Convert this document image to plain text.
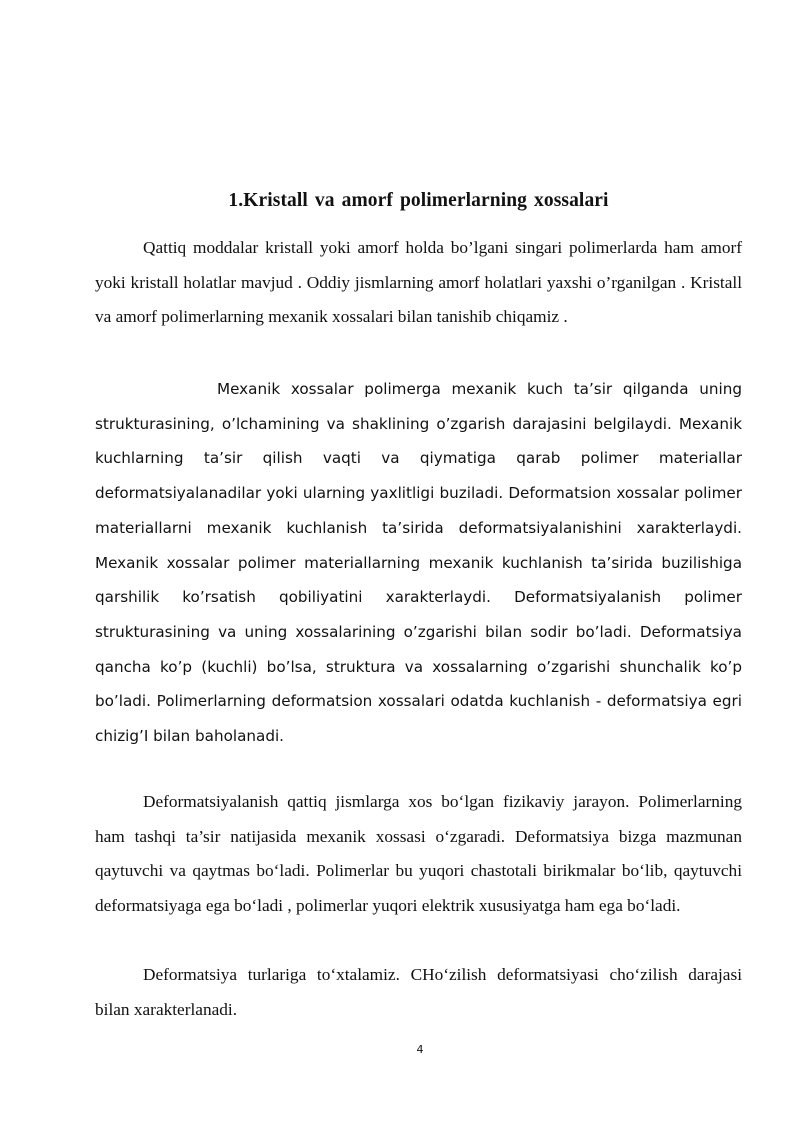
1.Kristall va amorf polimerlarning xossalari

Qattiq moddalar kristall yoki amorf holda bo’lgani singari polimerlarda ham amorf yoki kristall holatlar mavjud . Oddiy jismlarning amorf holatlari yaxshi o’rganilgan . Kristall va amorf polimerlarning mexanik xossalari bilan tanishib chiqamiz .

Mexanik xossalar polimerga mexanik kuch ta’sir qilganda uning strukturasining, o’lchamining va shaklining o’zgarish darajasini belgilaydi. Mexanik kuchlarning ta’sir qilish vaqti va qiymatiga qarab polimer materiallar deformatsiyalanadilar yoki ularning yaxlitligi buziladi. Deformatsion xossalar polimer materiallarni mexanik kuchlanish ta’sirida deformatsiyalanishini xarakterlaydi. Mexanik xossalar polimer materiallarning mexanik kuchlanish ta’sirida buzilishiga qarshilik ko’rsatish qobiliyatini xarakterlaydi. Deformatsiyalanish polimer strukturasining va uning xossalarining o’zgarishi bilan sodir bo’ladi. Deformatsiya qancha ko’p (kuchli) bo’lsa, struktura va xossalarning o’zgarishi shunchalik ko’p bo’ladi. Polimerlarning deformatsion xossalari odatda kuchlanish - deformatsiya egri chizig’I bilan baholanadi.

Deformatsiyalanish qattiq jismlarga xos bo‘lgan fizikaviy jarayon. Polimerlarning ham tashqi ta’sir natijasida mexanik xossasi o‘zgaradi. Deformatsiya bizga mazmunan qaytuvchi va qaytmas bo‘ladi. Polimerlar bu yuqori chastotali birikmalar bo‘lib, qaytuvchi deformatsiyaga ega bo‘ladi , polimerlar yuqori elektrik xususiyatga ham ega bo‘ladi.

Deformatsiya turlariga to‘xtalamiz. CHo‘zilish deformatsiyasi cho‘zilish darajasi bilan xarakterlanadi.

4
